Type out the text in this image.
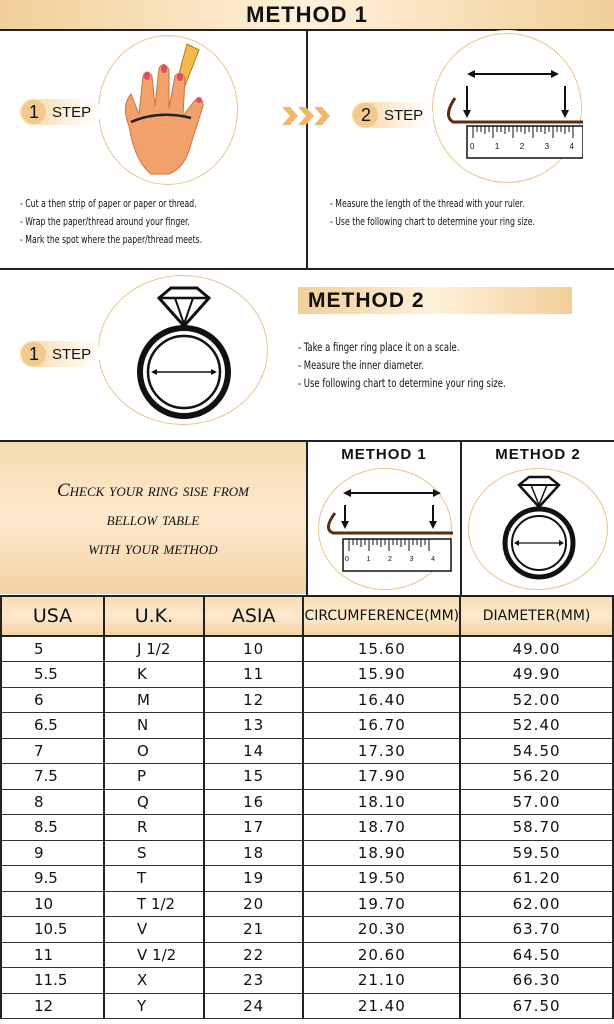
METHOD 1
1 STEP
- Cut a then strip of paper or paper or thread.
- Wrap the paper/thread around your finger.
- Mark the spot where the paper/thread meets.
0	1	2	3	4
2 STEP
- Measure the length of the thread with your ruler.
- Use the following chart to determine your ring size.
1 STEP
METHOD 2
- Take a finger ring place it on a scale.
- Measure the inner diameter.
- Use following chart to determine your ring size.
Check your ring sise from
bellow table
with your method
METHOD 1	METHOD 2
0	1	2	3	4
USA	U.K.	ASIA	CIRCUMFERENCE(MM)	DIAMETER(MM)
5	J 1/2	10	15.60	49.00
5.5	K	11	15.90	49.90
6	M	12	16.40	52.00
6.5	N	13	16.70	52.40
7	O	14	17.30	54.50
7.5	P	15	17.90	56.20
8	Q	16	18.10	57.00
8.5	R	17	18.70	58.70
9	S	18	18.90	59.50
9.5	T	19	19.50	61.20
10	T 1/2	20	19.70	62.00
10.5	V	21	20.30	63.70
11	V 1/2	22	20.60	64.50
11.5	X	23	21.10	66.30
12	Y	24	21.40	67.50
